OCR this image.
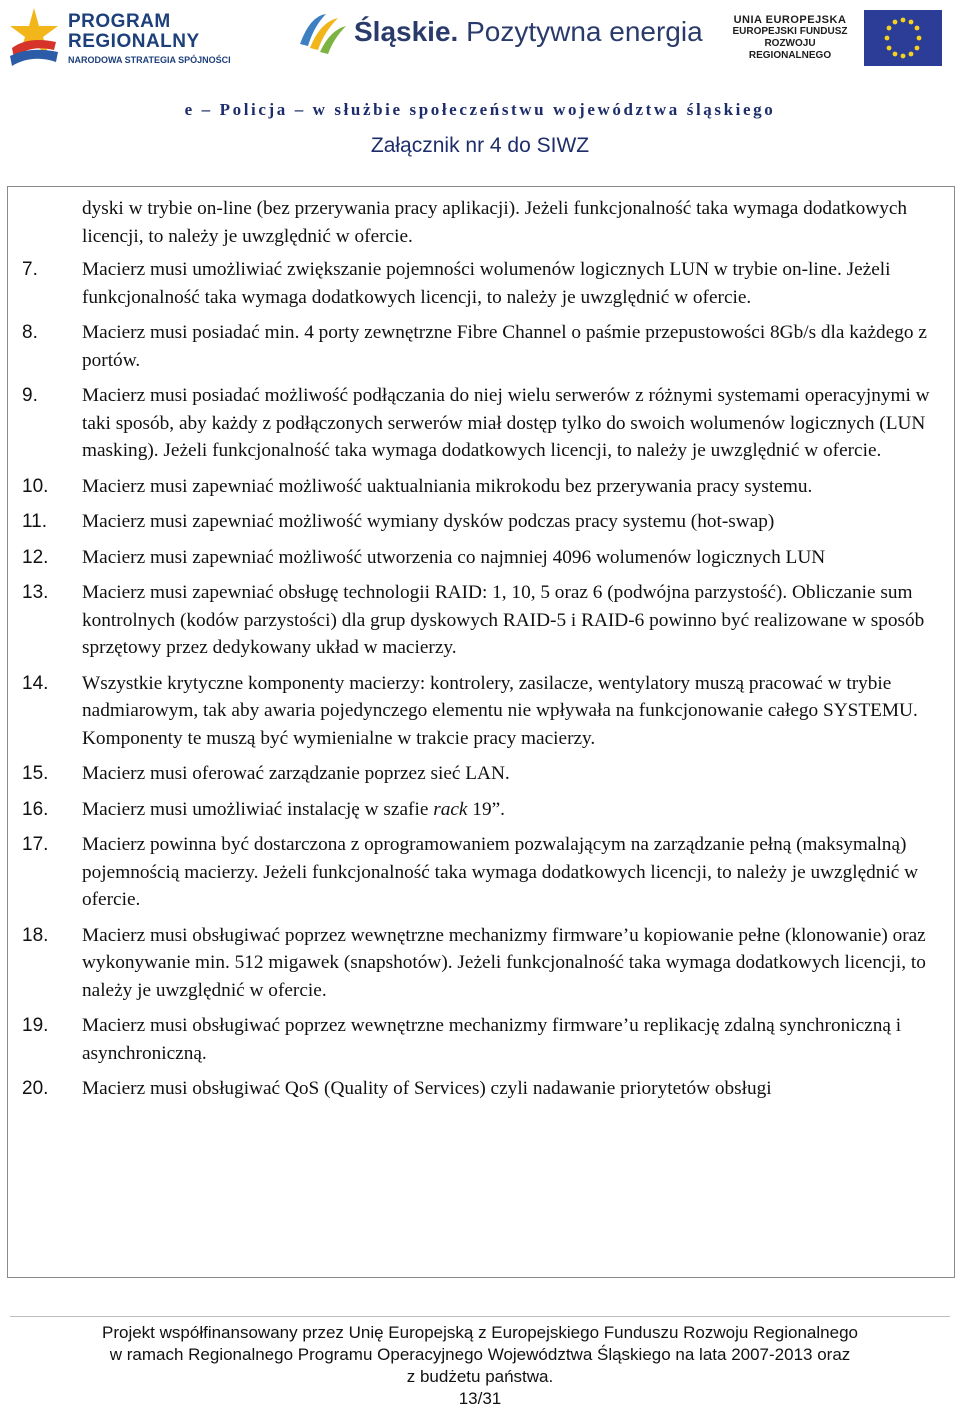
PROGRAM
REGIONALNY
NARODOWA STRATEGIA SPÓJNOŚCI
Śląskie. Pozytywna energia	UNIA EUROPEJSKA
EUROPEJSKI FUNDUSZ
ROZWOJU REGIONALNEGO
e – Policja – w służbie społeczeństwu województwa śląskiego
Załącznik nr 4 do SIWZ
dyski w trybie on-line (bez przerywania pracy aplikacji). Jeżeli funkcjonalność taka wymaga dodatkowych licencji, to należy je uwzględnić w ofercie.
7.	Macierz musi umożliwiać zwiększanie pojemności wolumenów logicznych LUN w trybie on-line. Jeżeli funkcjonalność taka wymaga dodatkowych licencji, to należy je uwzględnić w ofercie.
8.	Macierz musi posiadać min. 4 porty zewnętrzne Fibre Channel o paśmie przepustowości 8Gb/s dla każdego z portów.
9.	Macierz musi posiadać możliwość podłączania do niej wielu serwerów z różnymi systemami operacyjnymi w taki sposób, aby każdy z podłączonych serwerów miał dostęp tylko do swoich wolumenów logicznych (LUN masking). Jeżeli funkcjonalność taka wymaga dodatkowych licencji, to należy je uwzględnić w ofercie.
10.	Macierz musi zapewniać możliwość uaktualniania mikrokodu bez przerywania pracy systemu.
11.	Macierz musi zapewniać możliwość wymiany dysków podczas pracy systemu (hot-swap)
12.	Macierz musi zapewniać możliwość utworzenia co najmniej 4096 wolumenów logicznych LUN
13.	Macierz musi zapewniać obsługę technologii RAID: 1, 10, 5 oraz 6 (podwójna parzystość). Obliczanie sum kontrolnych (kodów parzystości) dla grup dyskowych RAID-5 i RAID-6 powinno być realizowane w sposób sprzętowy przez dedykowany układ w macierzy.
14.	Wszystkie krytyczne komponenty macierzy: kontrolery, zasilacze, wentylatory muszą pracować w trybie nadmiarowym, tak aby awaria pojedynczego elementu nie wpływała na funkcjonowanie całego SYSTEMU. Komponenty te muszą być wymienialne w trakcie pracy macierzy.
15.	Macierz musi oferować zarządzanie poprzez sieć LAN.
16.	Macierz musi umożliwiać instalację w szafie rack 19”.
17.	Macierz powinna być dostarczona z oprogramowaniem pozwalającym na zarządzanie pełną (maksymalną) pojemnością macierzy. Jeżeli funkcjonalność taka wymaga dodatkowych licencji, to należy je uwzględnić w ofercie.
18.	Macierz musi obsługiwać poprzez wewnętrzne mechanizmy firmware’u kopiowanie pełne (klonowanie) oraz wykonywanie min. 512 migawek (snapshotów). Jeżeli funkcjonalność taka wymaga dodatkowych licencji, to należy je uwzględnić w ofercie.
19.	Macierz musi obsługiwać poprzez wewnętrzne mechanizmy firmware’u replikację zdalną synchroniczną i asynchroniczną.
20.	Macierz musi obsługiwać QoS (Quality of Services) czyli nadawanie priorytetów obsługi
Projekt współfinansowany przez Unię Europejską z Europejskiego Funduszu Rozwoju Regionalnego
w ramach Regionalnego Programu Operacyjnego Województwa Śląskiego na lata 2007-2013 oraz
z budżetu państwa.
13/31
